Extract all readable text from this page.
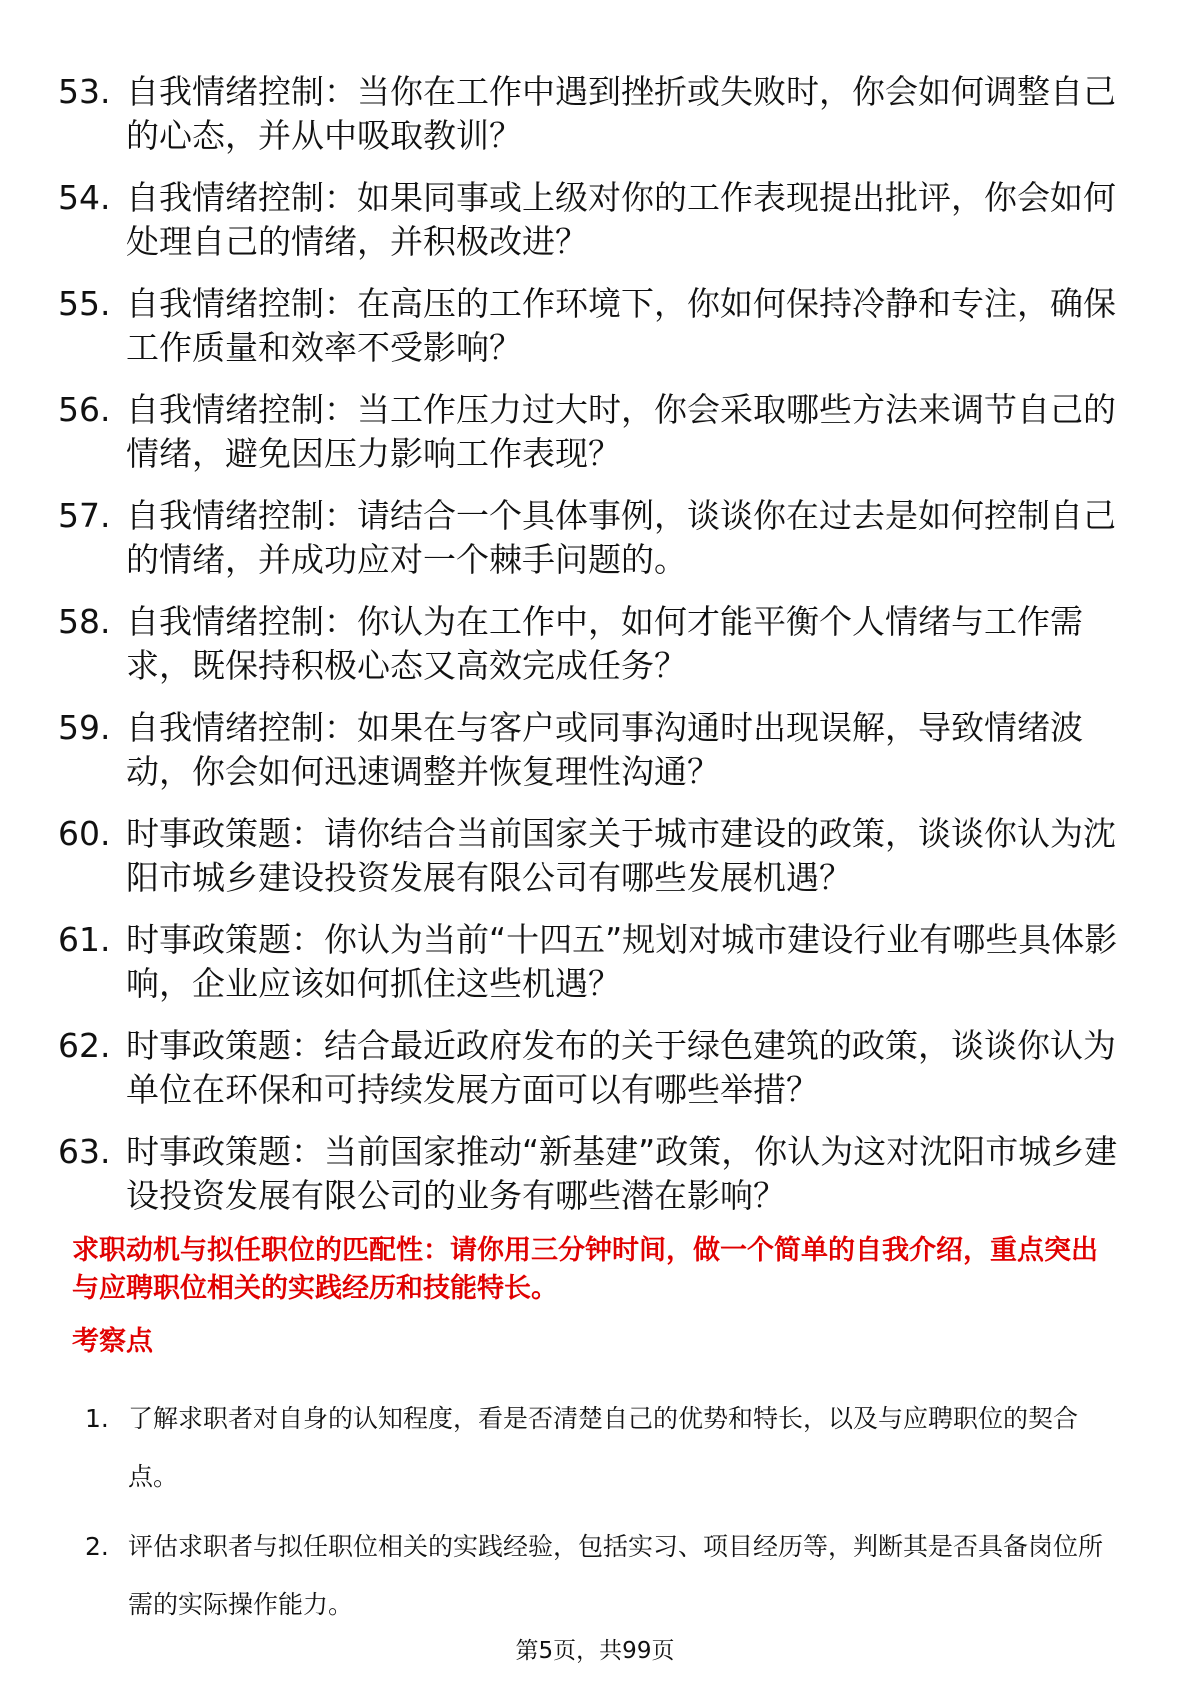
53. 自我情绪控制：当你在工作中遇到挫折或失败时，你会如何调整自己的心态，并从中吸取教训？
54. 自我情绪控制：如果同事或上级对你的工作表现提出批评，你会如何处理自己的情绪，并积极改进？
55. 自我情绪控制：在高压的工作环境下，你如何保持冷静和专注，确保工作质量和效率不受影响？
56. 自我情绪控制：当工作压力过大时，你会采取哪些方法来调节自己的情绪，避免因压力影响工作表现？
57. 自我情绪控制：请结合一个具体事例，谈谈你在过去是如何控制自己的情绪，并成功应对一个棘手问题的。
58. 自我情绪控制：你认为在工作中，如何才能平衡个人情绪与工作需求，既保持积极心态又高效完成任务？
59. 自我情绪控制：如果在与客户或同事沟通时出现误解，导致情绪波动，你会如何迅速调整并恢复理性沟通？
60. 时事政策题：请你结合当前国家关于城市建设的政策，谈谈你认为沈阳市城乡建设投资发展有限公司有哪些发展机遇？
61. 时事政策题：你认为当前“十四五”规划对城市建设行业有哪些具体影响，企业应该如何抓住这些机遇？
62. 时事政策题：结合最近政府发布的关于绿色建筑的政策，谈谈你认为单位在环保和可持续发展方面可以有哪些举措？
63. 时事政策题：当前国家推动“新基建”政策，你认为这对沈阳市城乡建设投资发展有限公司的业务有哪些潜在影响？
求职动机与拟任职位的匹配性：请你用三分钟时间，做一个简单的自我介绍，重点突出与应聘职位相关的实践经历和技能特长。
考察点
1. 了解求职者对自身的认知程度，看是否清楚自己的优势和特长，以及与应聘职位的契合点。
2. 评估求职者与拟任职位相关的实践经验，包括实习、项目经历等，判断其是否具备岗位所需的实际操作能力。
第5页，共99页
